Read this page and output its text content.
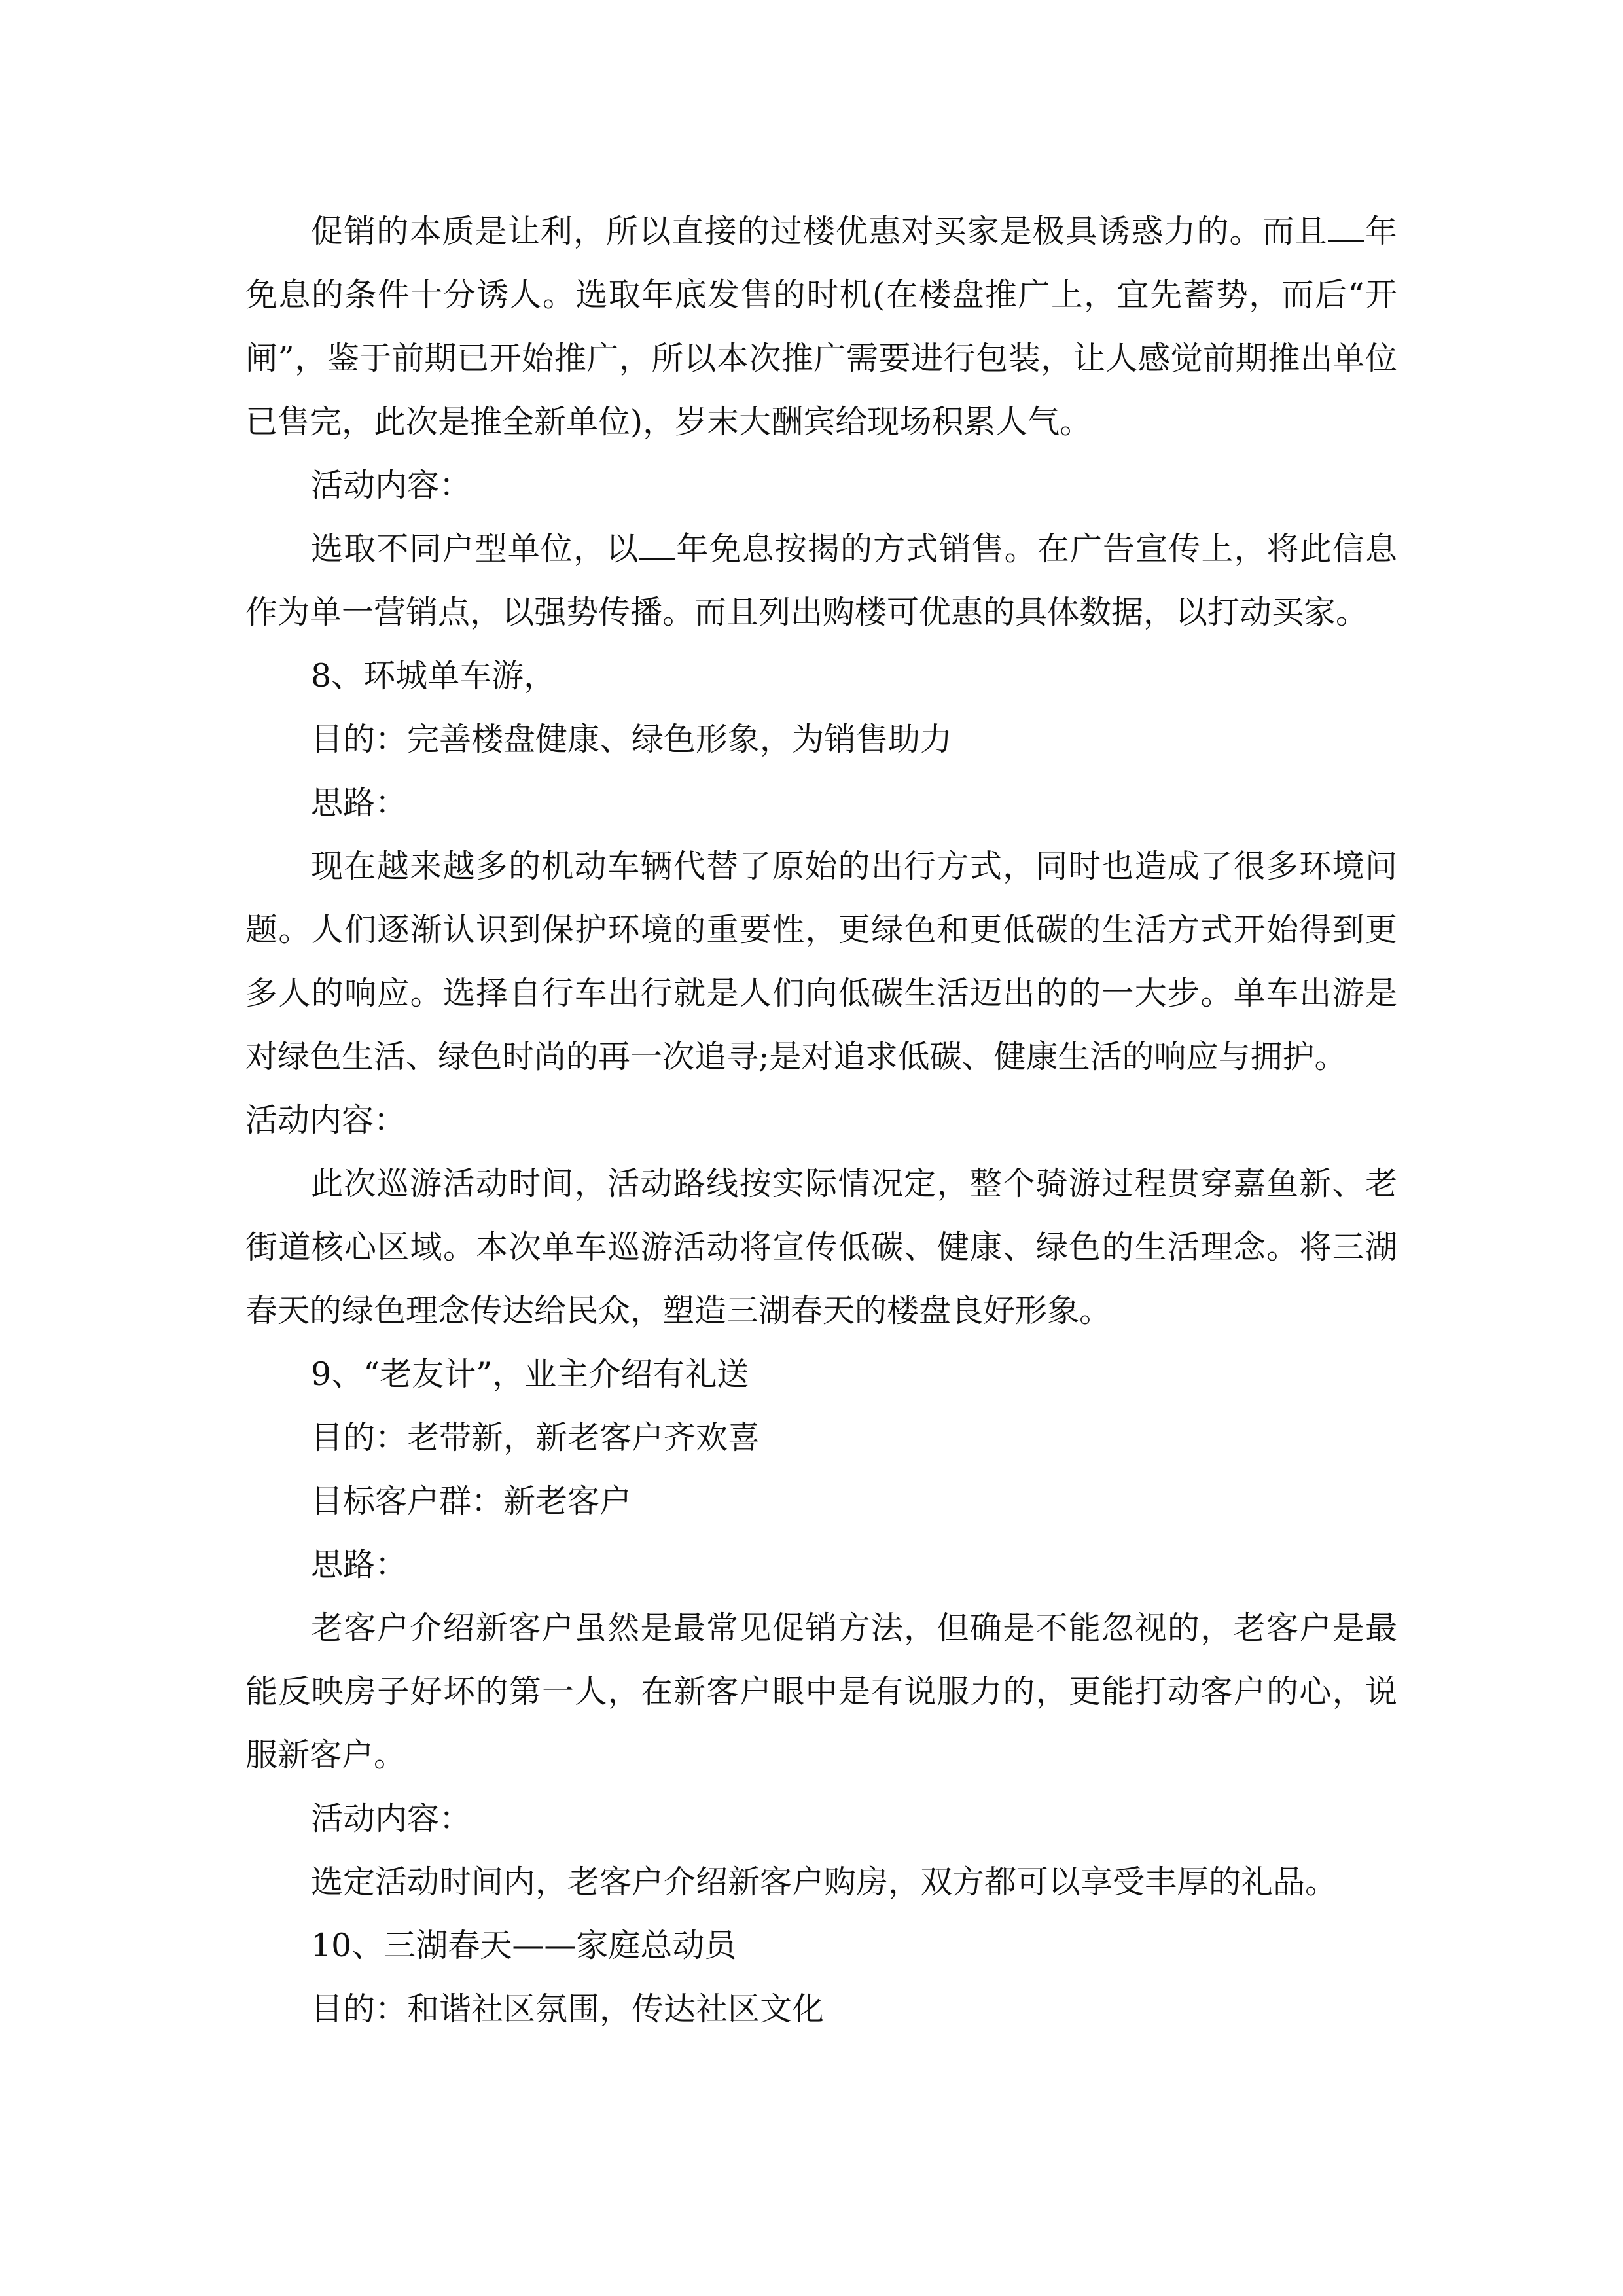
促销的本质是让利，所以直接的过楼优惠对买家是极具诱惑力的。而且 年免息的条件十分诱人。选取年底发售的时机(在楼盘推广上，宜先蓄势，而后“开闸”，鉴于前期已开始推广，所以本次推广需要进行包装，让人感觉前期推出单位已售完，此次是推全新单位)，岁末大酬宾给现场积累人气。

活动内容：

选取不同户型单位，以 年免息按揭的方式销售。在广告宣传上，将此信息作为单一营销点，以强势传播。而且列出购楼可优惠的具体数据，以打动买家。

8、环城单车游，

目的：完善楼盘健康、绿色形象，为销售助力

思路：

现在越来越多的机动车辆代替了原始的出行方式，同时也造成了很多环境问题。人们逐渐认识到保护环境的重要性，更绿色和更低碳的生活方式开始得到更多人的响应。选择自行车出行就是人们向低碳生活迈出的的一大步。单车出游是对绿色生活、绿色时尚的再一次追寻;是对追求低碳、健康生活的响应与拥护。

活动内容：

此次巡游活动时间，活动路线按实际情况定，整个骑游过程贯穿嘉鱼新、老街道核心区域。本次单车巡游活动将宣传低碳、健康、绿色的生活理念。将三湖春天的绿色理念传达给民众，塑造三湖春天的楼盘良好形象。

9、“老友计”，业主介绍有礼送

目的：老带新，新老客户齐欢喜

目标客户群：新老客户

思路：

老客户介绍新客户虽然是最常见促销方法，但确是不能忽视的，老客户是最能反映房子好坏的第一人，在新客户眼中是有说服力的，更能打动客户的心，说服新客户。

活动内容：

选定活动时间内，老客户介绍新客户购房，双方都可以享受丰厚的礼品。

10、三湖春天——家庭总动员

目的：和谐社区氛围，传达社区文化
